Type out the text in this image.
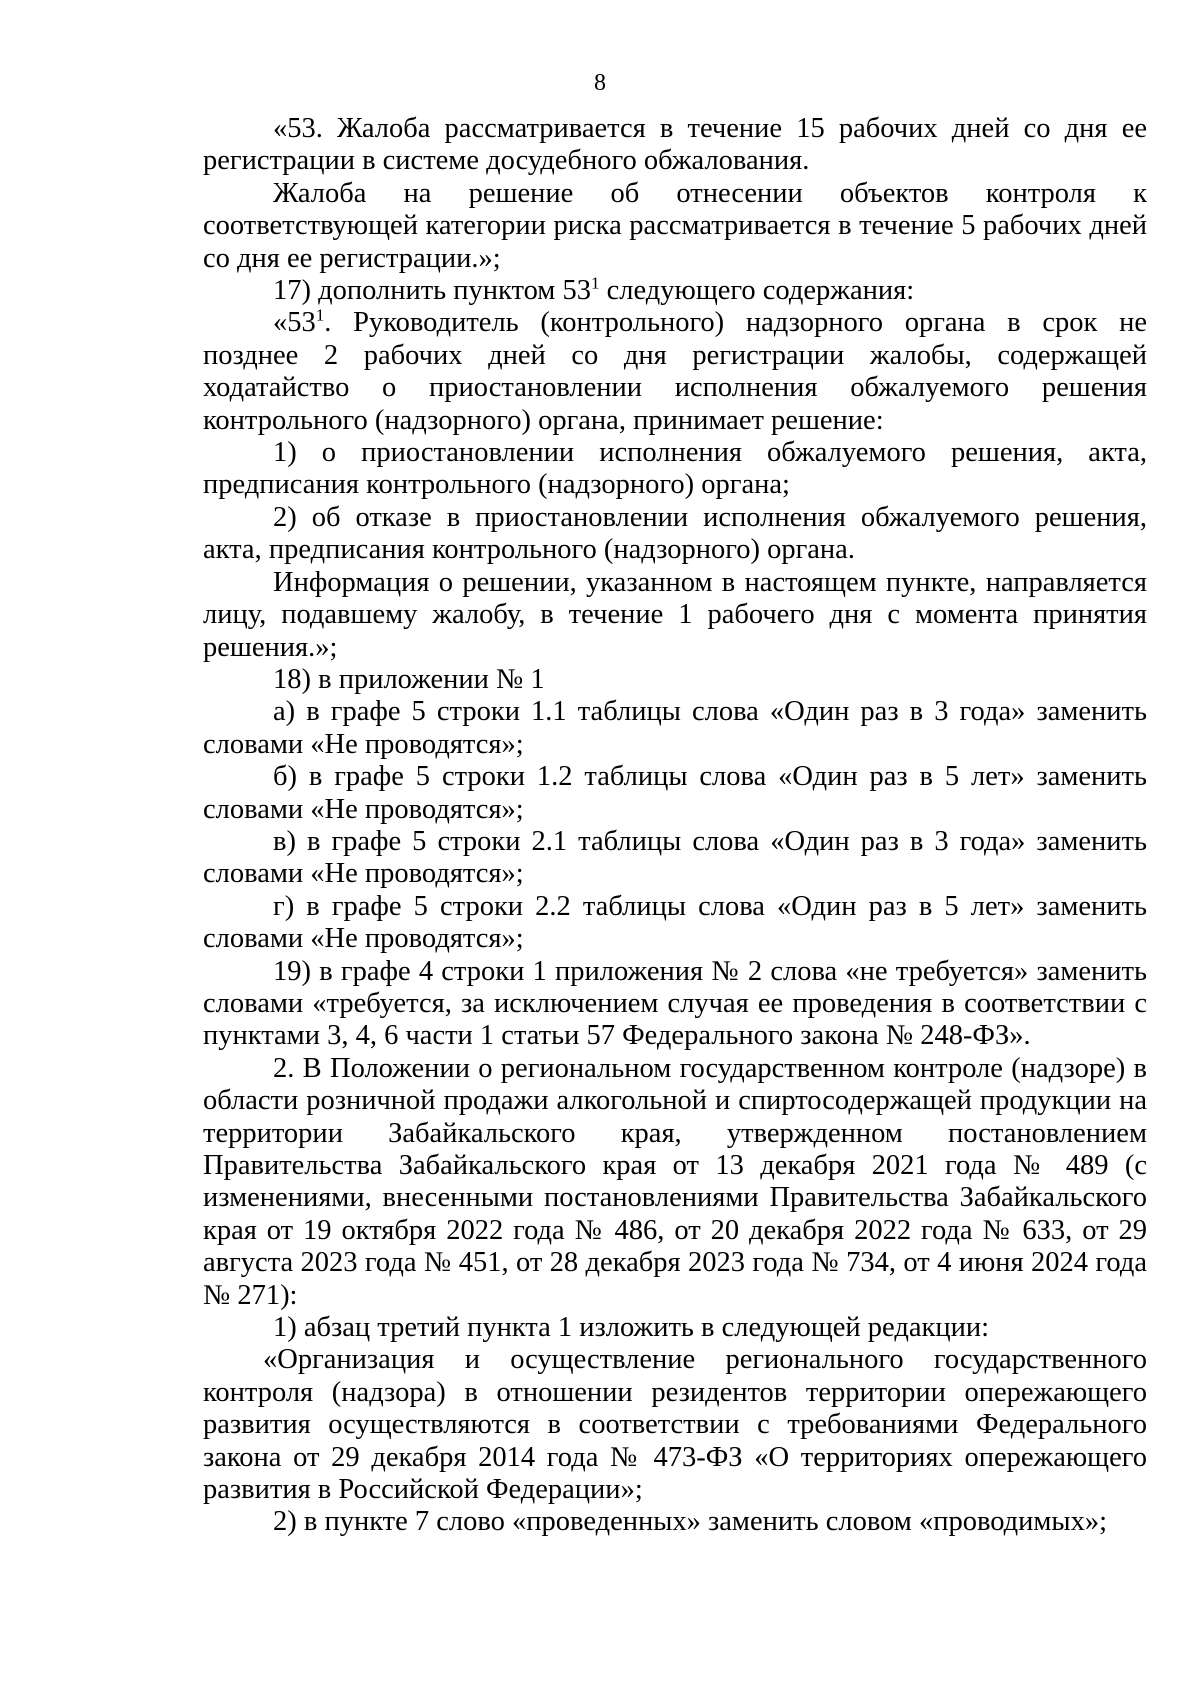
8

«53. Жалоба рассматривается в течение 15 рабочих дней со дня ее регистрации в системе досудебного обжалования.

Жалоба на решение об отнесении объектов контроля к соответствующей категории риска рассматривается в течение 5 рабочих дней со дня ее регистрации.»;

17) дополнить пунктом $53^1$ следующего содержания:

«$53^1$. Руководитель (контрольного) надзорного органа в срок не позднее 2 рабочих дней со дня регистрации жалобы, содержащей ходатайство о приостановлении исполнения обжалуемого решения контрольного (надзорного) органа, принимает решение:

1) о приостановлении исполнения обжалуемого решения, акта, предписания контрольного (надзорного) органа;

2) об отказе в приостановлении исполнения обжалуемого решения, акта, предписания контрольного (надзорного) органа.

Информация о решении, указанном в настоящем пункте, направляется лицу, подавшему жалобу, в течение 1 рабочего дня с момента принятия решения.»;

18) в приложении № 1

а) в графе 5 строки 1.1 таблицы слова «Один раз в 3 года» заменить словами «Не проводятся»;

б) в графе 5 строки 1.2 таблицы слова «Один раз в 5 лет» заменить словами «Не проводятся»;

в) в графе 5 строки 2.1 таблицы слова «Один раз в 3 года» заменить словами «Не проводятся»;

г) в графе 5 строки 2.2 таблицы слова «Один раз в 5 лет» заменить словами «Не проводятся»;

19) в графе 4 строки 1 приложения № 2 слова «не требуется» заменить словами «требуется, за исключением случая ее проведения в соответствии с пунктами 3, 4, 6 части 1 статьи 57 Федерального закона № 248-ФЗ».

2. В Положении о региональном государственном контроле (надзоре) в области розничной продажи алкогольной и спиртосодержащей продукции на территории Забайкальского края, утвержденном постановлением Правительства Забайкальского края от 13 декабря 2021 года № 489 (с изменениями, внесенными постановлениями Правительства Забайкальского края от 19 октября 2022 года № 486, от 20 декабря 2022 года № 633, от 29 августа 2023 года № 451, от 28 декабря 2023 года № 734, от 4 июня 2024 года № 271):

1) абзац третий пункта 1 изложить в следующей редакции:

«Организация и осуществление регионального государственного контроля (надзора) в отношении резидентов территории опережающего развития осуществляются в соответствии с требованиями Федерального закона от 29 декабря 2014 года № 473-ФЗ «О территориях опережающего развития в Российской Федерации»;

2) в пункте 7 слово «проведенных» заменить словом «проводимых»;
